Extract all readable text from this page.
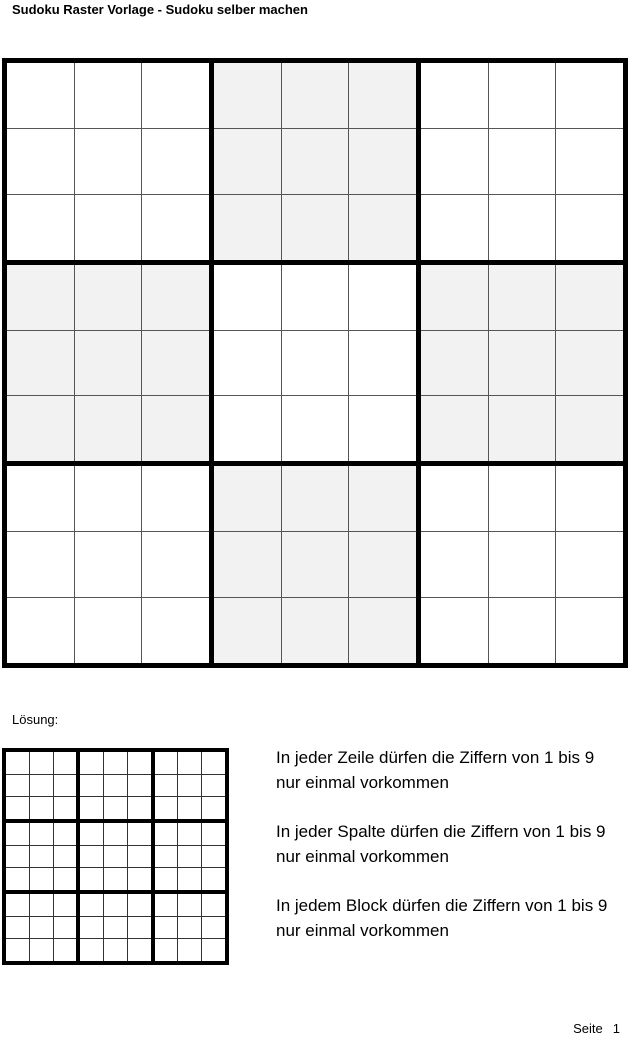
Sudoku Raster Vorlage - Sudoku selber machen
Lösung:

In jeder Zeile dürfen die Ziffern von 1 bis 9 nur einmal vorkommen

In jeder Spalte dürfen die Ziffern von 1 bis 9 nur einmal vorkommen

In jedem Block dürfen die Ziffern von 1 bis 9 nur einmal vorkommen

Seite 1
